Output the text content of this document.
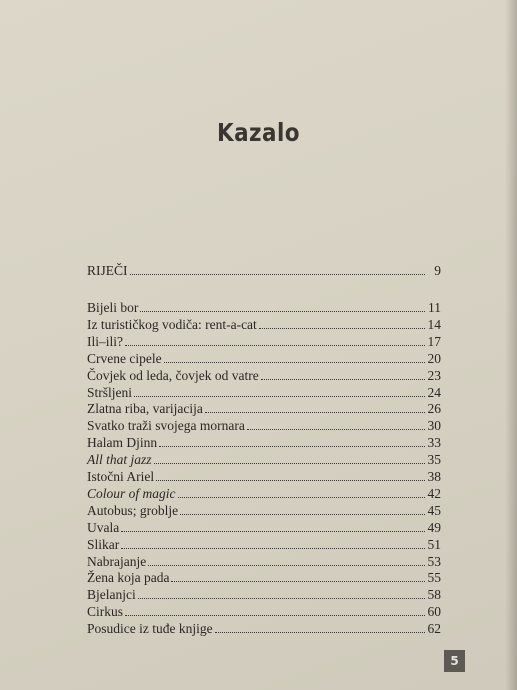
Kazalo
RIJEČI	9
Bijeli bor	11
Iz turističkog vodiča: rent-a-cat	14
Ili–ili?	17
Crvene cipele	20
Čovjek od leda, čovjek od vatre	23
Stršljeni	24
Zlatna riba, varijacija	26
Svatko traži svojega mornara	30
Halam Djinn	33
All that jazz	35
Istočni Ariel	38
Colour of magic	42
Autobus; groblje	45
Uvala	49
Slikar	51
Nabrajanje	53
Žena koja pada	55
Bjelanjci	58
Cirkus	60
Posudice iz tuđe knjige	62
5
